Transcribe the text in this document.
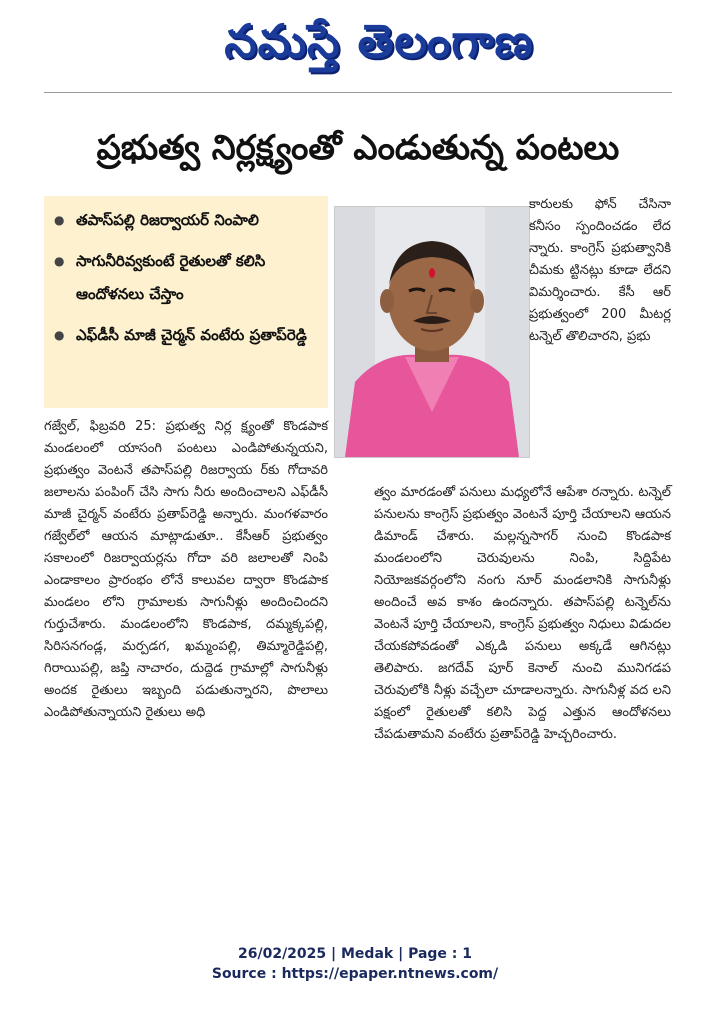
నమస్తే తెలంగాణ
ప్రభుత్వ నిర్లక్ష్యంతో ఎండుతున్న పంటలు
● తపాస్‌పల్లి రిజర్వాయర్ నింపాలి
● సాగునీరివ్వకుంటే రైతులతో కలిసి ఆందోళనలు చేస్తాం
● ఎఫ్‌డీసీ మాజీ చైర్మన్ వంటేరు ప్రతాప్‌రెడ్డి

కారులకు ఫోన్ చేసినా కనీసం స్పందించడం లేద న్నారు. కాంగ్రెస్ ప్రభుత్వానికి చీమకు ట్టినట్లు కూడా లేదని విమర్శించారు. కేసీ ఆర్ ప్రభుత్వంలో 200 మీటర్ల టన్నెల్ తొలిచారని, ప్రభు

గజ్వేల్, ఫిబ్రవరి 25: ప్రభుత్వ నిర్ల క్ష్యంతో కొండపాక మండలంలో యాసంగి పంటలు ఎండిపోతున్నయని, ప్రభుత్వం వెంటనే తపాస్‌పల్లి రిజర్వాయ ర్‌కు గోదావరి జలాలను పంపింగ్ చేసి సాగు నీరు అందించాలని ఎఫ్‌డీసీ మాజీ చైర్మన్ వంటేరు ప్రతాప్‌రెడ్డి అన్నారు. మంగళవారం గజ్వేల్‌లో ఆయన మాట్లాడుతూ.. కేసీఆర్ ప్రభుత్వం సకాలంలో రిజర్వాయర్లను గోదా వరి జలాలతో నింపి ఎండాకాలం ప్రారంభం లోనే కాలువల ద్వారా కొండపాక మండలం లోని గ్రామాలకు సాగునీళ్లు అందించిందని గుర్తుచేశారు. మండలంలోని కొండపాక, దమ్మక్కపల్లి, సిరిసనగండ్ల, మర్పడగ, ఖమ్మంపల్లి, తిమ్మారెడ్డిపల్లి, గిరాయిపల్లి, జప్తి నాచారం, దుద్దెడ గ్రామాల్లో సాగునీళ్లు అందక రైతులు ఇబ్బంది పడుతున్నారని, పొలాలు ఎండిపోతున్నాయని రైతులు అధి

త్వం మారడంతో పనులు మధ్యలోనే ఆపేశా రన్నారు. టన్నెల్ పనులను కాంగ్రెస్ ప్రభుత్వం వెంటనే పూర్తి చేయాలని ఆయన డిమాండ్ చేశారు. మల్లన్నసాగర్ నుంచి కొండపాక మండలంలోని చెరువులను నింపి, సిద్దిపేట నియోజకవర్గంలోని నంగు నూర్ మండలానికి సాగునీళ్లు అందించే అవ కాశం ఉందన్నారు. తపాస్‌పల్లి టన్నెల్‌ను వెంటనే పూర్తి చేయాలని, కాంగ్రెస్ ప్రభుత్వం నిధులు విడుదల చేయకపోవడంతో ఎక్కడి పనులు అక్కడే ఆగినట్లు తెలిపారు. జగదేవ్ పూర్ కెనాల్ నుంచి మునిగడప చెరువులోకి నీళ్లు వచ్చేలా చూడాలన్నారు. సాగునీళ్ల వద లని పక్షంలో రైతులతో కలిసి పెద్ద ఎత్తున ఆందోళనలు చేపడుతామని వంటేరు ప్రతాప్‌రెడ్డి హెచ్చరించారు.

26/02/2025 | Medak | Page : 1
Source : https://epaper.ntnews.com/
